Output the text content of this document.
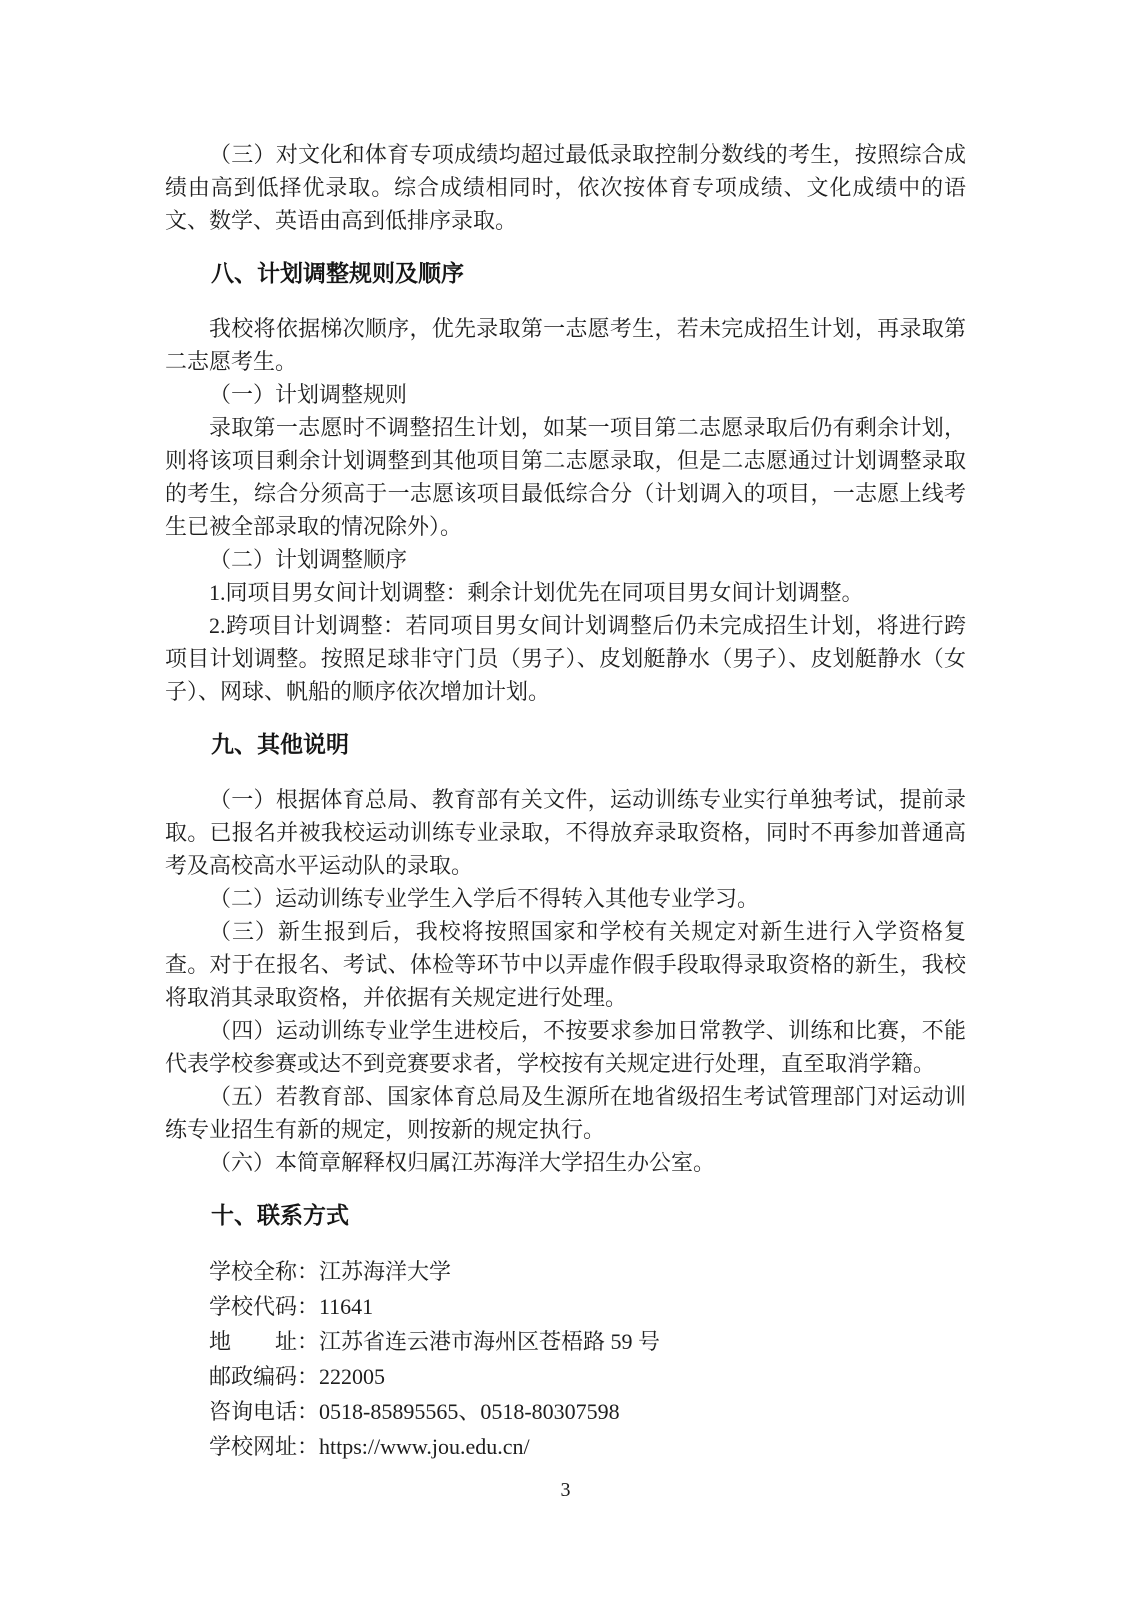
（三）对文化和体育专项成绩均超过最低录取控制分数线的考生，按照综合成绩由高到低择优录取。综合成绩相同时，依次按体育专项成绩、文化成绩中的语文、数学、英语由高到低排序录取。

八、计划调整规则及顺序

我校将依据梯次顺序，优先录取第一志愿考生，若未完成招生计划，再录取第二志愿考生。

（一）计划调整规则

录取第一志愿时不调整招生计划，如某一项目第二志愿录取后仍有剩余计划，则将该项目剩余计划调整到其他项目第二志愿录取，但是二志愿通过计划调整录取的考生，综合分须高于一志愿该项目最低综合分（计划调入的项目，一志愿上线考生已被全部录取的情况除外）。

（二）计划调整顺序

1.同项目男女间计划调整：剩余计划优先在同项目男女间计划调整。

2.跨项目计划调整：若同项目男女间计划调整后仍未完成招生计划，将进行跨项目计划调整。按照足球非守门员（男子）、皮划艇静水（男子）、皮划艇静水（女子）、网球、帆船的顺序依次增加计划。

九、其他说明

（一）根据体育总局、教育部有关文件，运动训练专业实行单独考试，提前录取。已报名并被我校运动训练专业录取，不得放弃录取资格，同时不再参加普通高考及高校高水平运动队的录取。

（二）运动训练专业学生入学后不得转入其他专业学习。

（三）新生报到后，我校将按照国家和学校有关规定对新生进行入学资格复查。对于在报名、考试、体检等环节中以弄虚作假手段取得录取资格的新生，我校将取消其录取资格，并依据有关规定进行处理。

（四）运动训练专业学生进校后，不按要求参加日常教学、训练和比赛，不能代表学校参赛或达不到竞赛要求者，学校按有关规定进行处理，直至取消学籍。

（五）若教育部、国家体育总局及生源所在地省级招生考试管理部门对运动训练专业招生有新的规定，则按新的规定执行。

（六）本简章解释权归属江苏海洋大学招生办公室。

十、联系方式

学校全称：江苏海洋大学

学校代码：11641

地　　址：江苏省连云港市海州区苍梧路 59 号

邮政编码：222005

咨询电话：0518-85895565、0518-80307598

学校网址：https://www.jou.edu.cn/

3
